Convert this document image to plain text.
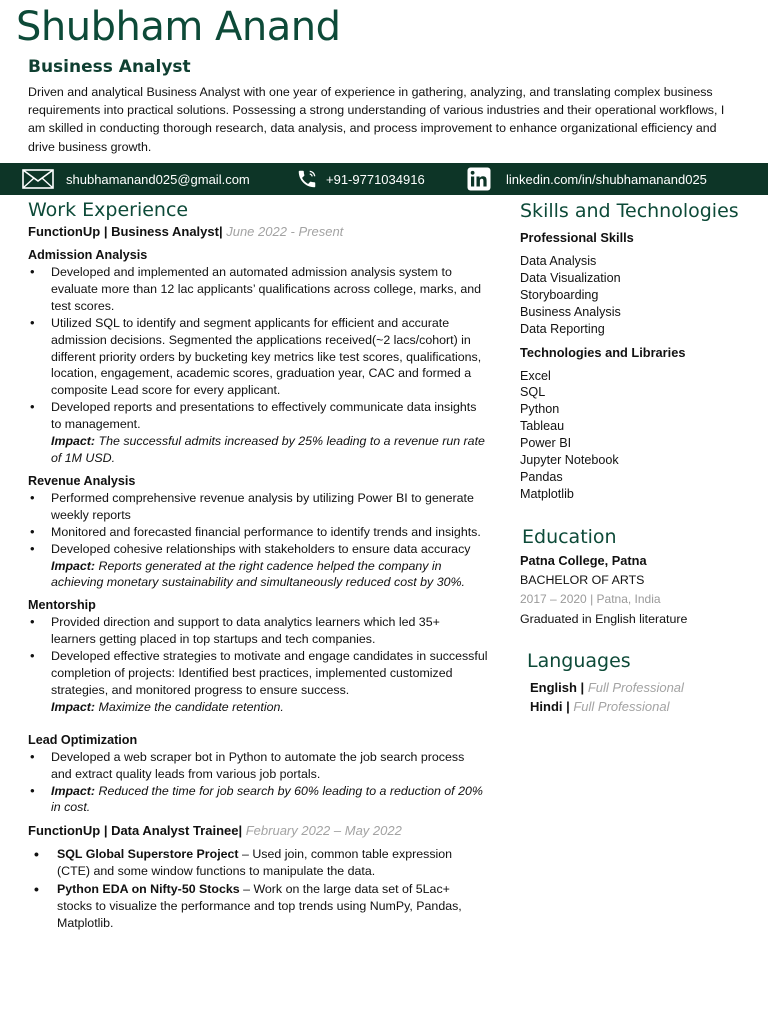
Shubham Anand
Business Analyst
Driven and analytical Business Analyst with one year of experience in gathering, analyzing, and translating complex business requirements into practical solutions. Possessing a strong understanding of various industries and their operational workflows, I am skilled in conducting thorough research, data analysis, and process improvement to enhance organizational efficiency and drive business growth.
shubhamanand025@gmail.com	+91-9771034916	linkedin.com/in/shubhamanand025
Work Experience
FunctionUp | Business Analyst| June 2022 - Present
Admission Analysis
• Developed and implemented an automated admission analysis system to evaluate more than 12 lac applicants’ qualifications across college, marks, and test scores.
• Utilized SQL to identify and segment applicants for efficient and accurate admission decisions. Segmented the applications received(~2 lacs/cohort) in different priority orders by bucketing key metrics like test scores, qualifications, location, engagement, academic scores, graduation year, CAC and formed a composite Lead score for every applicant.
• Developed reports and presentations to effectively communicate data insights to management.
Impact: The successful admits increased by 25% leading to a revenue run rate of 1M USD.
Revenue Analysis
• Performed comprehensive revenue analysis by utilizing Power BI to generate weekly reports
• Monitored and forecasted financial performance to identify trends and insights.
• Developed cohesive relationships with stakeholders to ensure data accuracy
Impact: Reports generated at the right cadence helped the company in achieving monetary sustainability and simultaneously reduced cost by 30%.
Mentorship
• Provided direction and support to data analytics learners which led 35+ learners getting placed in top startups and tech companies.
• Developed effective strategies to motivate and engage candidates in successful completion of projects: Identified best practices, implemented customized strategies, and monitored progress to ensure success.
Impact: Maximize the candidate retention.
Lead Optimization
• Developed a web scraper bot in Python to automate the job search process and extract quality leads from various job portals.
• Impact: Reduced the time for job search by 60% leading to a reduction of 20% in cost.
FunctionUp | Data Analyst Trainee| February 2022 – May 2022
• SQL Global Superstore Project – Used join, common table expression (CTE) and some window functions to manipulate the data.
• Python EDA on Nifty-50 Stocks – Work on the large data set of 5Lac+ stocks to visualize the performance and top trends using NumPy, Pandas, Matplotlib.
Skills and Technologies
Professional Skills
Data Analysis
Data Visualization
Storyboarding
Business Analysis
Data Reporting
Technologies and Libraries
Excel
SQL
Python
Tableau
Power BI
Jupyter Notebook
Pandas
Matplotlib
Education
Patna College, Patna
BACHELOR OF ARTS
2017 – 2020 | Patna, India
Graduated in English literature
Languages
English | Full Professional
Hindi | Full Professional
